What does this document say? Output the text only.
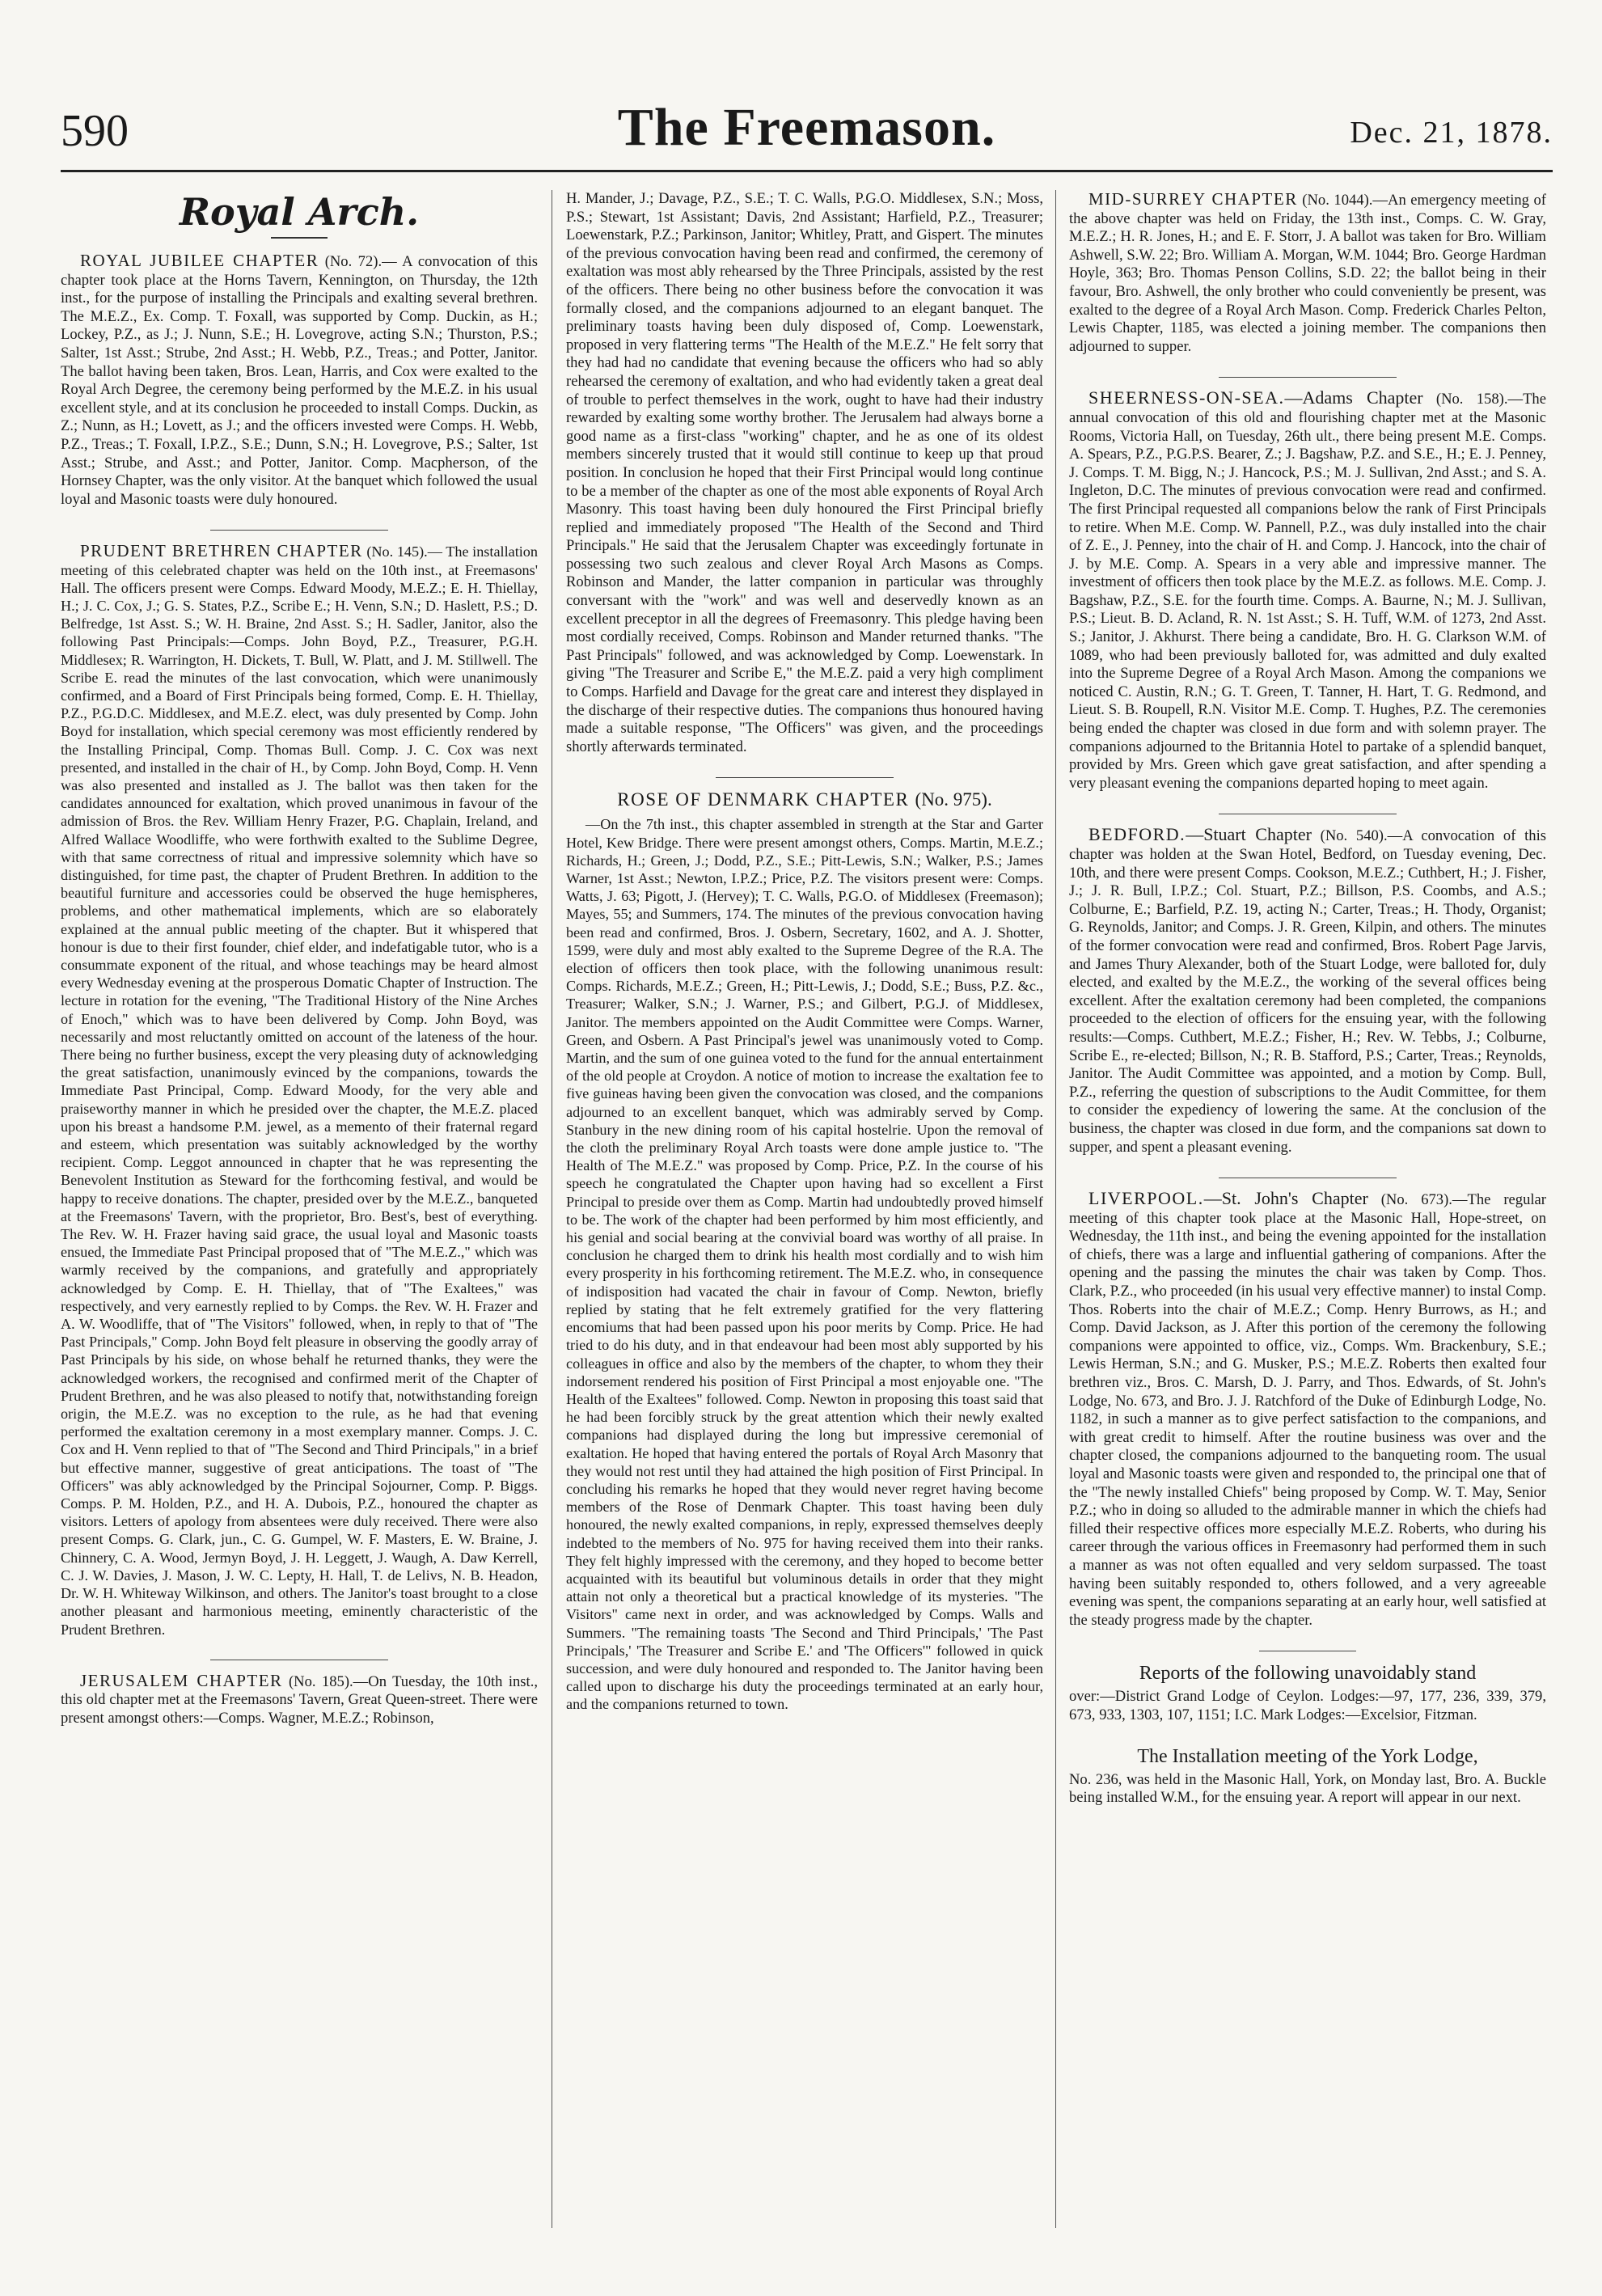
590	The Freemason.	Dec. 21, 1878.
Royal Arch.

ROYAL JUBILEE CHAPTER (No. 72).— A convocation of this chapter took place at the Horns Tavern, Kennington, on Thursday, the 12th inst., for the purpose of installing the Principals and exalting several brethren. The M.E.Z., Ex. Comp. T. Foxall, was supported by Comp. Duckin, as H.; Lockey, P.Z., as J.; J. Nunn, S.E.; H. Lovegrove, acting S.N.; Thurston, P.S.; Salter, 1st Asst.; Strube, 2nd Asst.; H. Webb, P.Z., Treas.; and Potter, Janitor. The ballot having been taken, Bros. Lean, Harris, and Cox were exalted to the Royal Arch Degree, the ceremony being performed by the M.E.Z. in his usual excellent style, and at its conclusion he proceeded to install Comps. Duckin, as Z.; Nunn, as H.; Lovett, as J.; and the officers invested were Comps. H. Webb, P.Z., Treas.; T. Foxall, I.P.Z., S.E.; Dunn, S.N.; H. Lovegrove, P.S.; Salter, 1st Asst.; Strube, and Asst.; and Potter, Janitor. Comp. Macpherson, of the Hornsey Chapter, was the only visitor. At the banquet which followed the usual loyal and Masonic toasts were duly honoured.

PRUDENT BRETHREN CHAPTER (No. 145).— The installation meeting of this celebrated chapter was held on the 10th inst., at Freemasons' Hall. The officers present were Comps. Edward Moody, M.E.Z.; E. H. Thiellay, H.; J. C. Cox, J.; G. S. States, P.Z., Scribe E.; H. Venn, S.N.; D. Haslett, P.S.; D. Belfredge, 1st Asst. S.; W. H. Braine, 2nd Asst. S.; H. Sadler, Janitor, also the following Past Principals:—Comps. John Boyd, P.Z., Treasurer, P.G.H. Middlesex; R. Warrington, H. Dickets, T. Bull, W. Platt, and J. M. Stillwell. The Scribe E. read the minutes of the last convocation, which were unanimously confirmed, and a Board of First Principals being formed, Comp. E. H. Thiellay, P.Z., P.G.D.C. Middlesex, and M.E.Z. elect, was duly presented by Comp. John Boyd for installation, which special ceremony was most efficiently rendered by the Installing Principal, Comp. Thomas Bull. Comp. J. C. Cox was next presented, and installed in the chair of H., by Comp. John Boyd, Comp. H. Venn was also presented and installed as J. The ballot was then taken for the candidates announced for exaltation, which proved unanimous in favour of the admission of Bros. the Rev. William Henry Frazer, P.G. Chaplain, Ireland, and Alfred Wallace Woodliffe, who were forthwith exalted to the Sublime Degree, with that same correctness of ritual and impressive solemnity which have so distinguished, for time past, the chapter of Prudent Brethren. In addition to the beautiful furniture and accessories could be observed the huge hemispheres, problems, and other mathematical implements, which are so elaborately explained at the annual public meeting of the chapter. But it whispered that honour is due to their first founder, chief elder, and indefatigable tutor, who is a consummate exponent of the ritual, and whose teachings may be heard almost every Wednesday evening at the prosperous Domatic Chapter of Instruction. The lecture in rotation for the evening, "The Traditional History of the Nine Arches of Enoch," which was to have been delivered by Comp. John Boyd, was necessarily and most reluctantly omitted on account of the lateness of the hour. There being no further business, except the very pleasing duty of acknowledging the great satisfaction, unanimously evinced by the companions, towards the Immediate Past Principal, Comp. Edward Moody, for the very able and praiseworthy manner in which he presided over the chapter, the M.E.Z. placed upon his breast a handsome P.M. jewel, as a memento of their fraternal regard and esteem, which presentation was suitably acknowledged by the worthy recipient. Comp. Leggot announced in chapter that he was representing the Benevolent Institution as Steward for the forthcoming festival, and would be happy to receive donations. The chapter, presided over by the M.E.Z., banqueted at the Freemasons' Tavern, with the proprietor, Bro. Best's, best of everything. The Rev. W. H. Frazer having said grace, the usual loyal and Masonic toasts ensued, the Immediate Past Principal proposed that of "The M.E.Z.," which was warmly received by the companions, and gratefully and appropriately acknowledged by Comp. E. H. Thiellay, that of "The Exaltees," was respectively, and very earnestly replied to by Comps. the Rev. W. H. Frazer and A. W. Woodliffe, that of "The Visitors" followed, when, in reply to that of "The Past Principals," Comp. John Boyd felt pleasure in observing the goodly array of Past Principals by his side, on whose behalf he returned thanks, they were the acknowledged workers, the recognised and confirmed merit of the Chapter of Prudent Brethren, and he was also pleased to notify that, notwithstanding foreign origin, the M.E.Z. was no exception to the rule, as he had that evening performed the exaltation ceremony in a most exemplary manner. Comps. J. C. Cox and H. Venn replied to that of "The Second and Third Principals," in a brief but effective manner, suggestive of great anticipations. The toast of "The Officers" was ably acknowledged by the Principal Sojourner, Comp. P. Biggs. Comps. P. M. Holden, P.Z., and H. A. Dubois, P.Z., honoured the chapter as visitors. Letters of apology from absentees were duly received. There were also present Comps. G. Clark, jun., C. G. Gumpel, W. F. Masters, E. W. Braine, J. Chinnery, C. A. Wood, Jermyn Boyd, J. H. Leggett, J. Waugh, A. Daw Kerrell, C. J. W. Davies, J. Mason, J. W. C. Lepty, H. Hall, T. de Lelivs, N. B. Headon, Dr. W. H. Whiteway Wilkinson, and others. The Janitor's toast brought to a close another pleasant and harmonious meeting, eminently characteristic of the Prudent Brethren.

JERUSALEM CHAPTER (No. 185).—On Tuesday, the 10th inst., this old chapter met at the Freemasons' Tavern, Great Queen-street. There were present amongst others:—Comps. Wagner, M.E.Z.; Robinson,

H. Mander, J.; Davage, P.Z., S.E.; T. C. Walls, P.G.O. Middlesex, S.N.; Moss, P.S.; Stewart, 1st Assistant; Davis, 2nd Assistant; Harfield, P.Z., Treasurer; Loewenstark, P.Z.; Parkinson, Janitor; Whitley, Pratt, and Gispert. The minutes of the previous convocation having been read and confirmed, the ceremony of exaltation was most ably rehearsed by the Three Principals, assisted by the rest of the officers. There being no other business before the convocation it was formally closed, and the companions adjourned to an elegant banquet. The preliminary toasts having been duly disposed of, Comp. Loewenstark, proposed in very flattering terms "The Health of the M.E.Z." He felt sorry that they had had no candidate that evening because the officers who had so ably rehearsed the ceremony of exaltation, and who had evidently taken a great deal of trouble to perfect themselves in the work, ought to have had their industry rewarded by exalting some worthy brother. The Jerusalem had always borne a good name as a first-class "working" chapter, and he as one of its oldest members sincerely trusted that it would still continue to keep up that proud position. In conclusion he hoped that their First Principal would long continue to be a member of the chapter as one of the most able exponents of Royal Arch Masonry. This toast having been duly honoured the First Principal briefly replied and immediately proposed "The Health of the Second and Third Principals." He said that the Jerusalem Chapter was exceedingly fortunate in possessing two such zealous and clever Royal Arch Masons as Comps. Robinson and Mander, the latter companion in particular was throughly conversant with the "work" and was well and deservedly known as an excellent preceptor in all the degrees of Freemasonry. This pledge having been most cordially received, Comps. Robinson and Mander returned thanks. "The Past Principals" followed, and was acknowledged by Comp. Loewenstark. In giving "The Treasurer and Scribe E," the M.E.Z. paid a very high compliment to Comps. Harfield and Davage for the great care and interest they displayed in the discharge of their respective duties. The companions thus honoured having made a suitable response, "The Officers" was given, and the proceedings shortly afterwards terminated.

ROSE OF DENMARK CHAPTER (No. 975).

—On the 7th inst., this chapter assembled in strength at the Star and Garter Hotel, Kew Bridge. There were present amongst others, Comps. Martin, M.E.Z.; Richards, H.; Green, J.; Dodd, P.Z., S.E.; Pitt-Lewis, S.N.; Walker, P.S.; James Warner, 1st Asst.; Newton, I.P.Z.; Price, P.Z. The visitors present were: Comps. Watts, J. 63; Pigott, J. (Hervey); T. C. Walls, P.G.O. of Middlesex (Freemason); Mayes, 55; and Summers, 174. The minutes of the previous convocation having been read and confirmed, Bros. J. Osbern, Secretary, 1602, and A. J. Shotter, 1599, were duly and most ably exalted to the Supreme Degree of the R.A. The election of officers then took place, with the following unanimous result: Comps. Richards, M.E.Z.; Green, H.; Pitt-Lewis, J.; Dodd, S.E.; Buss, P.Z. &c., Treasurer; Walker, S.N.; J. Warner, P.S.; and Gilbert, P.G.J. of Middlesex, Janitor. The members appointed on the Audit Committee were Comps. Warner, Green, and Osbern. A Past Principal's jewel was unanimously voted to Comp. Martin, and the sum of one guinea voted to the fund for the annual entertainment of the old people at Croydon. A notice of motion to increase the exaltation fee to five guineas having been given the convocation was closed, and the companions adjourned to an excellent banquet, which was admirably served by Comp. Stanbury in the new dining room of his capital hostelrie. Upon the removal of the cloth the preliminary Royal Arch toasts were done ample justice to. "The Health of The M.E.Z." was proposed by Comp. Price, P.Z. In the course of his speech he congratulated the Chapter upon having had so excellent a First Principal to preside over them as Comp. Martin had undoubtedly proved himself to be. The work of the chapter had been performed by him most efficiently, and his genial and social bearing at the convivial board was worthy of all praise. In conclusion he charged them to drink his health most cordially and to wish him every prosperity in his forthcoming retirement. The M.E.Z. who, in consequence of indisposition had vacated the chair in favour of Comp. Newton, briefly replied by stating that he felt extremely gratified for the very flattering encomiums that had been passed upon his poor merits by Comp. Price. He had tried to do his duty, and in that endeavour had been most ably supported by his colleagues in office and also by the members of the chapter, to whom they their indorsement rendered his position of First Principal a most enjoyable one. "The Health of the Exaltees" followed. Comp. Newton in proposing this toast said that he had been forcibly struck by the great attention which their newly exalted companions had displayed during the long but impressive ceremonial of exaltation. He hoped that having entered the portals of Royal Arch Masonry that they would not rest until they had attained the high position of First Principal. In concluding his remarks he hoped that they would never regret having become members of the Rose of Denmark Chapter. This toast having been duly honoured, the newly exalted companions, in reply, expressed themselves deeply indebted to the members of No. 975 for having received them into their ranks. They felt highly impressed with the ceremony, and they hoped to become better acquainted with its beautiful but voluminous details in order that they might attain not only a theoretical but a practical knowledge of its mysteries. "The Visitors" came next in order, and was acknowledged by Comps. Walls and Summers. "The remaining toasts 'The Second and Third Principals,' 'The Past Principals,' 'The Treasurer and Scribe E.' and 'The Officers'" followed in quick succession, and were duly honoured and responded to. The Janitor having been called upon to discharge his duty the proceedings terminated at an early hour, and the companions returned to town.

MID-SURREY CHAPTER (No. 1044).—An emergency meeting of the above chapter was held on Friday, the 13th inst., Comps. C. W. Gray, M.E.Z.; H. R. Jones, H.; and E. F. Storr, J. A ballot was taken for Bro. William Ashwell, S.W. 22; Bro. William A. Morgan, W.M. 1044; Bro. George Hardman Hoyle, 363; Bro. Thomas Penson Collins, S.D. 22; the ballot being in their favour, Bro. Ashwell, the only brother who could conveniently be present, was exalted to the degree of a Royal Arch Mason. Comp. Frederick Charles Pelton, Lewis Chapter, 1185, was elected a joining member. The companions then adjourned to supper.

SHEERNESS-ON-SEA.—Adams Chapter (No. 158).—The annual convocation of this old and flourishing chapter met at the Masonic Rooms, Victoria Hall, on Tuesday, 26th ult., there being present M.E. Comps. A. Spears, P.Z., P.G.P.S. Bearer, Z.; J. Bagshaw, P.Z. and S.E., H.; E. J. Penney, J. Comps. T. M. Bigg, N.; J. Hancock, P.S.; M. J. Sullivan, 2nd Asst.; and S. A. Ingleton, D.C. The minutes of previous convocation were read and confirmed. The first Principal requested all companions below the rank of First Principals to retire. When M.E. Comp. W. Pannell, P.Z., was duly installed into the chair of Z. E., J. Penney, into the chair of H. and Comp. J. Hancock, into the chair of J. by M.E. Comp. A. Spears in a very able and impressive manner. The investment of officers then took place by the M.E.Z. as follows. M.E. Comp. J. Bagshaw, P.Z., S.E. for the fourth time. Comps. A. Baurne, N.; M. J. Sullivan, P.S.; Lieut. B. D. Acland, R. N. 1st Asst.; S. H. Tuff, W.M. of 1273, 2nd Asst. S.; Janitor, J. Akhurst. There being a candidate, Bro. H. G. Clarkson W.M. of 1089, who had been previously balloted for, was admitted and duly exalted into the Supreme Degree of a Royal Arch Mason. Among the companions we noticed C. Austin, R.N.; G. T. Green, T. Tanner, H. Hart, T. G. Redmond, and Lieut. S. B. Roupell, R.N. Visitor M.E. Comp. T. Hughes, P.Z. The ceremonies being ended the chapter was closed in due form and with solemn prayer. The companions adjourned to the Britannia Hotel to partake of a splendid banquet, provided by Mrs. Green which gave great satisfaction, and after spending a very pleasant evening the companions departed hoping to meet again.

BEDFORD.—Stuart Chapter (No. 540).—A convocation of this chapter was holden at the Swan Hotel, Bedford, on Tuesday evening, Dec. 10th, and there were present Comps. Cookson, M.E.Z.; Cuthbert, H.; J. Fisher, J.; J. R. Bull, I.P.Z.; Col. Stuart, P.Z.; Billson, P.S. Coombs, and A.S.; Colburne, E.; Barfield, P.Z. 19, acting N.; Carter, Treas.; H. Thody, Organist; G. Reynolds, Janitor; and Comps. J. R. Green, Kilpin, and others. The minutes of the former convocation were read and confirmed, Bros. Robert Page Jarvis, and James Thury Alexander, both of the Stuart Lodge, were balloted for, duly elected, and exalted by the M.E.Z., the working of the several offices being excellent. After the exaltation ceremony had been completed, the companions proceeded to the election of officers for the ensuing year, with the following results:—Comps. Cuthbert, M.E.Z.; Fisher, H.; Rev. W. Tebbs, J.; Colburne, Scribe E., re-elected; Billson, N.; R. B. Stafford, P.S.; Carter, Treas.; Reynolds, Janitor. The Audit Committee was appointed, and a motion by Comp. Bull, P.Z., referring the question of subscriptions to the Audit Committee, for them to consider the expediency of lowering the same. At the conclusion of the business, the chapter was closed in due form, and the companions sat down to supper, and spent a pleasant evening.

LIVERPOOL.—St. John's Chapter (No. 673).—The regular meeting of this chapter took place at the Masonic Hall, Hope-street, on Wednesday, the 11th inst., and being the evening appointed for the installation of chiefs, there was a large and influential gathering of companions. After the opening and the passing the minutes the chair was taken by Comp. Thos. Clark, P.Z., who proceeded (in his usual very effective manner) to instal Comp. Thos. Roberts into the chair of M.E.Z.; Comp. Henry Burrows, as H.; and Comp. David Jackson, as J. After this portion of the ceremony the following companions were appointed to office, viz., Comps. Wm. Brackenbury, S.E.; Lewis Herman, S.N.; and G. Musker, P.S.; M.E.Z. Roberts then exalted four brethren viz., Bros. C. Marsh, D. J. Parry, and Thos. Edwards, of St. John's Lodge, No. 673, and Bro. J. J. Ratchford of the Duke of Edinburgh Lodge, No. 1182, in such a manner as to give perfect satisfaction to the companions, and with great credit to himself. After the routine business was over and the chapter closed, the companions adjourned to the banqueting room. The usual loyal and Masonic toasts were given and responded to, the principal one that of the "The newly installed Chiefs" being proposed by Comp. W. T. May, Senior P.Z.; who in doing so alluded to the admirable manner in which the chiefs had filled their respective offices more especially M.E.Z. Roberts, who during his career through the various offices in Freemasonry had performed them in such a manner as was not often equalled and very seldom surpassed. The toast having been suitably responded to, others followed, and a very agreeable evening was spent, the companions separating at an early hour, well satisfied at the steady progress made by the chapter.

Reports of the following unavoidably stand

over:—District Grand Lodge of Ceylon. Lodges:—97, 177, 236, 339, 379, 673, 933, 1303, 107, 1151; I.C. Mark Lodges:—Excelsior, Fitzman.

The Installation meeting of the York Lodge,

No. 236, was held in the Masonic Hall, York, on Monday last, Bro. A. Buckle being installed W.M., for the ensuing year. A report will appear in our next.
